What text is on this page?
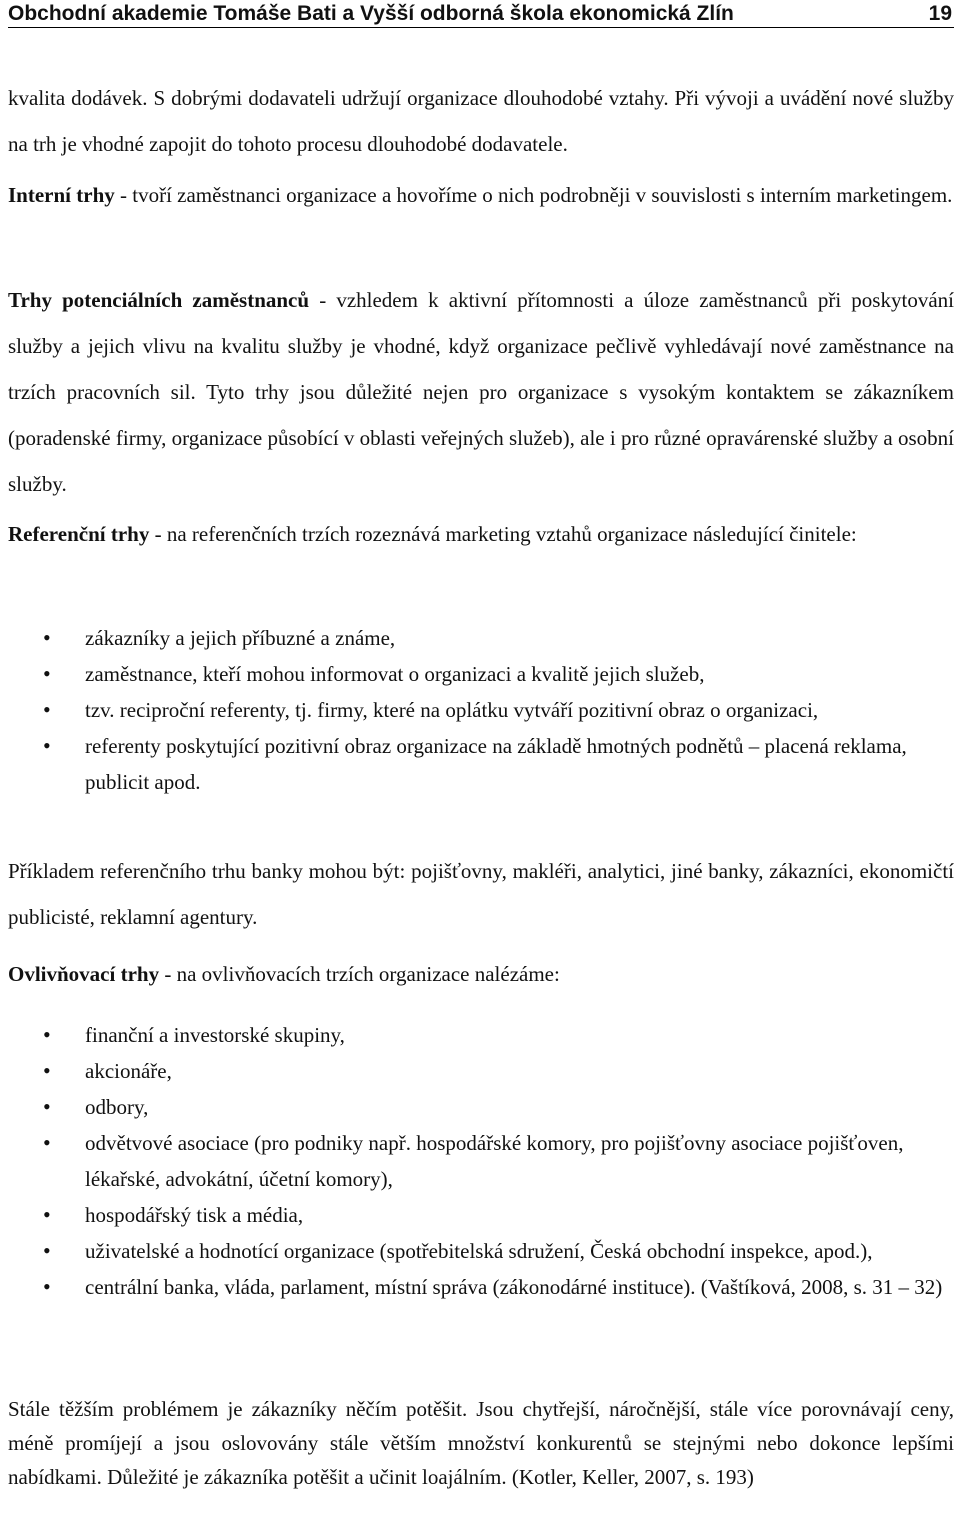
Obchodní akademie Tomáše Bati a Vyšší odborná škola ekonomická Zlín	19

kvalita dodávek. S dobrými dodavateli udržují organizace dlouhodobé vztahy. Při vývoji a uvádění nové služby na trh je vhodné zapojit do tohoto procesu dlouhodobé dodavatele.

Interní trhy - tvoří zaměstnanci organizace a hovoříme o nich podrobněji v souvislosti s interním marketingem.

Trhy potenciálních zaměstnanců - vzhledem k aktivní přítomnosti a úloze zaměstnanců při poskytování služby a jejich vlivu na kvalitu služby je vhodné, když organizace pečlivě vyhledávají nové zaměstnance na trzích pracovních sil. Tyto trhy jsou důležité nejen pro organizace s vysokým kontaktem se zákazníkem (poradenské firmy, organizace působící v oblasti veřejných služeb), ale i pro různé opravárenské služby a osobní služby.

Referenční trhy - na referenčních trzích rozeznává marketing vztahů organizace následující činitele:

• zákazníky a jejich příbuzné a známe,
• zaměstnance, kteří mohou informovat o organizaci a kvalitě jejich služeb,
• tzv. reciproční referenty, tj. firmy, které na oplátku vytváří pozitivní obraz o organizaci,
• referenty poskytující pozitivní obraz organizace na základě hmotných podnětů – placená reklama, publicit apod.

Příkladem referenčního trhu banky mohou být: pojišťovny, makléři, analytici, jiné banky, zákazníci, ekonomičtí publicisté, reklamní agentury.

Ovlivňovací trhy - na ovlivňovacích trzích organizace nalézáme:

• finanční a investorské skupiny,
• akcionáře,
• odbory,
• odvětvové asociace (pro podniky např. hospodářské komory, pro pojišťovny asociace pojišťoven, lékařské, advokátní, účetní komory),
• hospodářský tisk a média,
• uživatelské a hodnotící organizace (spotřebitelská sdružení, Česká obchodní inspekce, apod.),
• centrální banka, vláda, parlament, místní správa (zákonodárné instituce). (Vaštíková, 2008, s. 31 – 32)

Stále těžším problémem je zákazníky něčím potěšit. Jsou chytřejší, náročnější, stále více porovnávají ceny, méně promíjejí a jsou oslovovány stále větším množství konkurentů se stejnými nebo dokonce lepšími nabídkami. Důležité je zákazníka potěšit a učinit loajálním. (Kotler, Keller, 2007, s. 193)
